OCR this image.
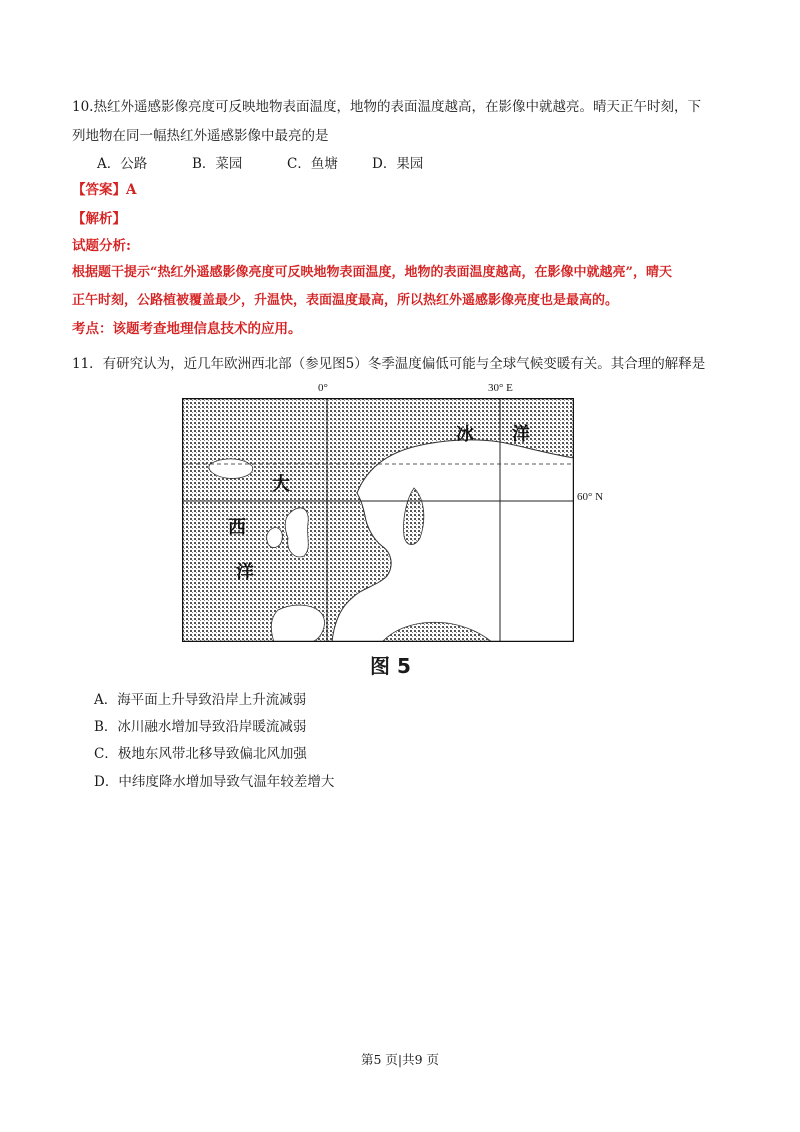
10.热红外遥感影像亮度可反映地物表面温度，地物的表面温度越高，在影像中就越亮。晴天正午时刻，下
列地物在同一幅热红外遥感影像中最亮的是
A．公路	B．菜园	C．鱼塘	D．果园
【答案】A
【解析】
试题分析:
根据题干提示“热红外遥感影像亮度可反映地物表面温度，地物的表面温度越高，在影像中就越亮”，晴天
正午时刻，公路植被覆盖最少，升温快，表面温度最高，所以热红外遥感影像亮度也是最高的。
考点：该题考查地理信息技术的应用。
11．有研究认为，近几年欧洲西北部（参见图5）冬季温度偏低可能与全球气候变暖有关。其合理的解释是
0°	30° E
60° N
大
西
洋
冰 洋
图 5
A．海平面上升导致沿岸上升流减弱
B．冰川融水增加导致沿岸暖流减弱
C．极地东风带北移导致偏北风加强
D．中纬度降水增加导致气温年较差增大
第5 页|共9 页
